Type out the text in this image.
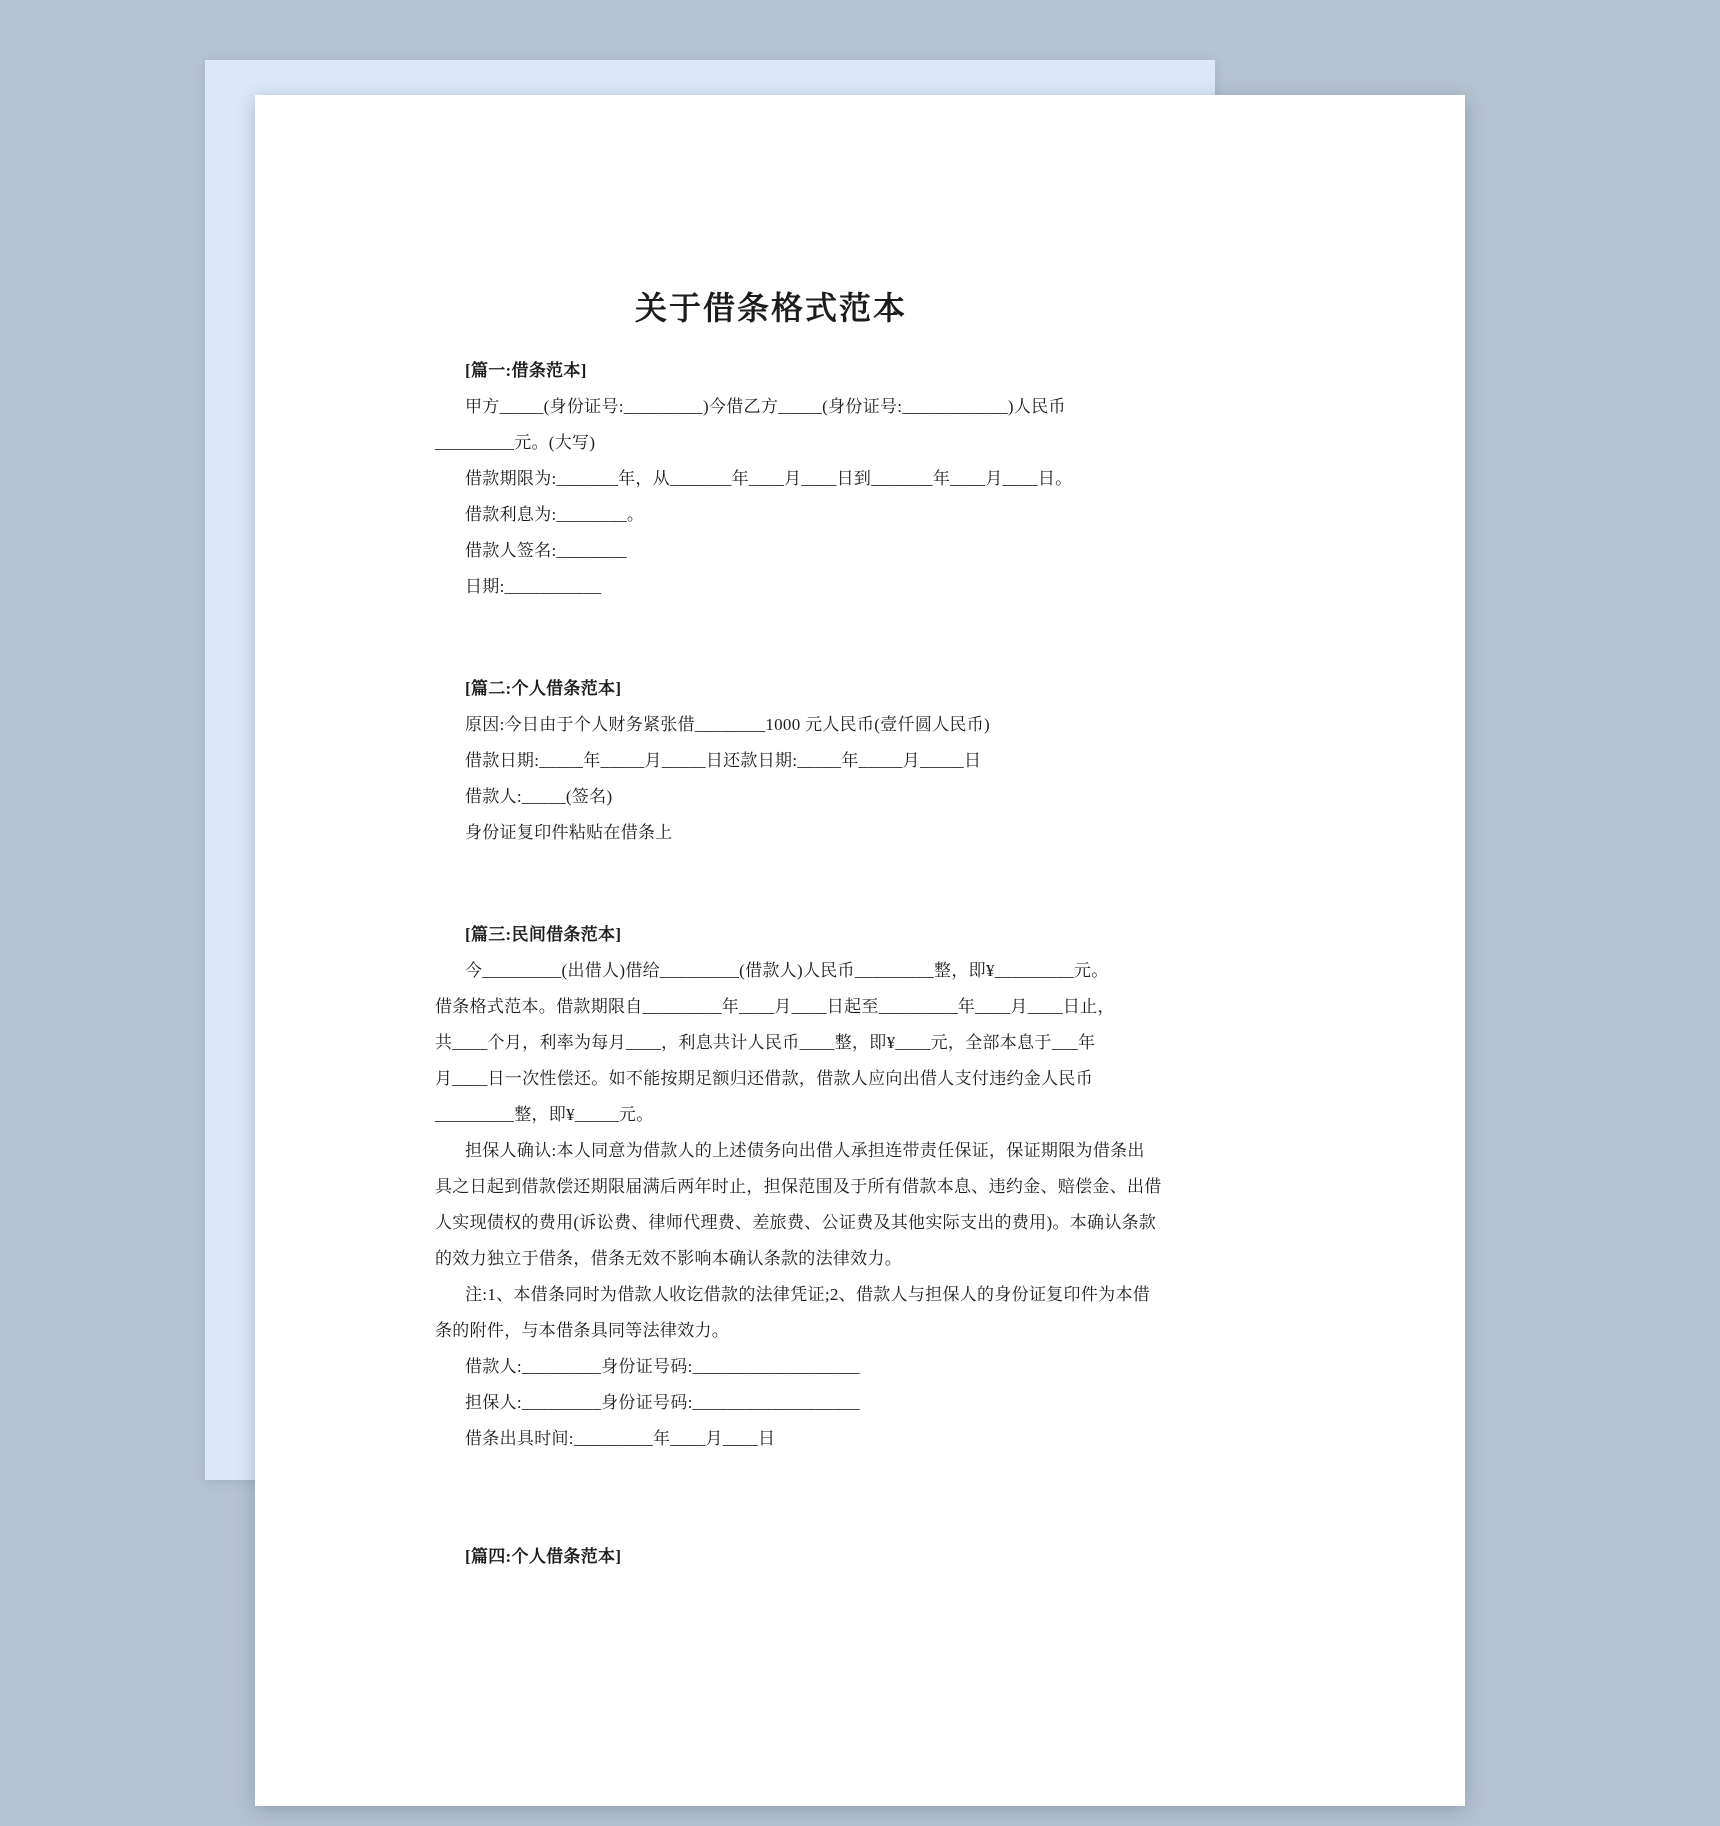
关于借条格式范本
[篇一:借条范本]
甲方_____(身份证号:_________)今借乙方_____(身份证号:____________)人民币
_________元。(大写)
借款期限为:_______年，从_______年____月____日到_______年____月____日。
借款利息为:________。
借款人签名:________
日期:___________
[篇二:个人借条范本]
原因:今日由于个人财务紧张借________1000 元人民币(壹仟圆人民币)
借款日期:_____年_____月_____日还款日期:_____年_____月_____日
借款人:_____(签名)
身份证复印件粘贴在借条上
[篇三:民间借条范本]
今_________(出借人)借给_________(借款人)人民币_________整，即¥_________元。
借条格式范本。借款期限自_________年____月____日起至_________年____月____日止，
共____个月，利率为每月____，利息共计人民币____整，即¥____元，全部本息于___年
月____日一次性偿还。如不能按期足额归还借款，借款人应向出借人支付违约金人民币
_________整，即¥_____元。
担保人确认:本人同意为借款人的上述债务向出借人承担连带责任保证，保证期限为借条出
具之日起到借款偿还期限届满后两年时止，担保范围及于所有借款本息、违约金、赔偿金、出借
人实现债权的费用(诉讼费、律师代理费、差旅费、公证费及其他实际支出的费用)。本确认条款
的效力独立于借条，借条无效不影响本确认条款的法律效力。
注:1、本借条同时为借款人收讫借款的法律凭证;2、借款人与担保人的身份证复印件为本借
条的附件，与本借条具同等法律效力。
借款人:_________身份证号码:___________________
担保人:_________身份证号码:___________________
借条出具时间:_________年____月____日
[篇四:个人借条范本]
